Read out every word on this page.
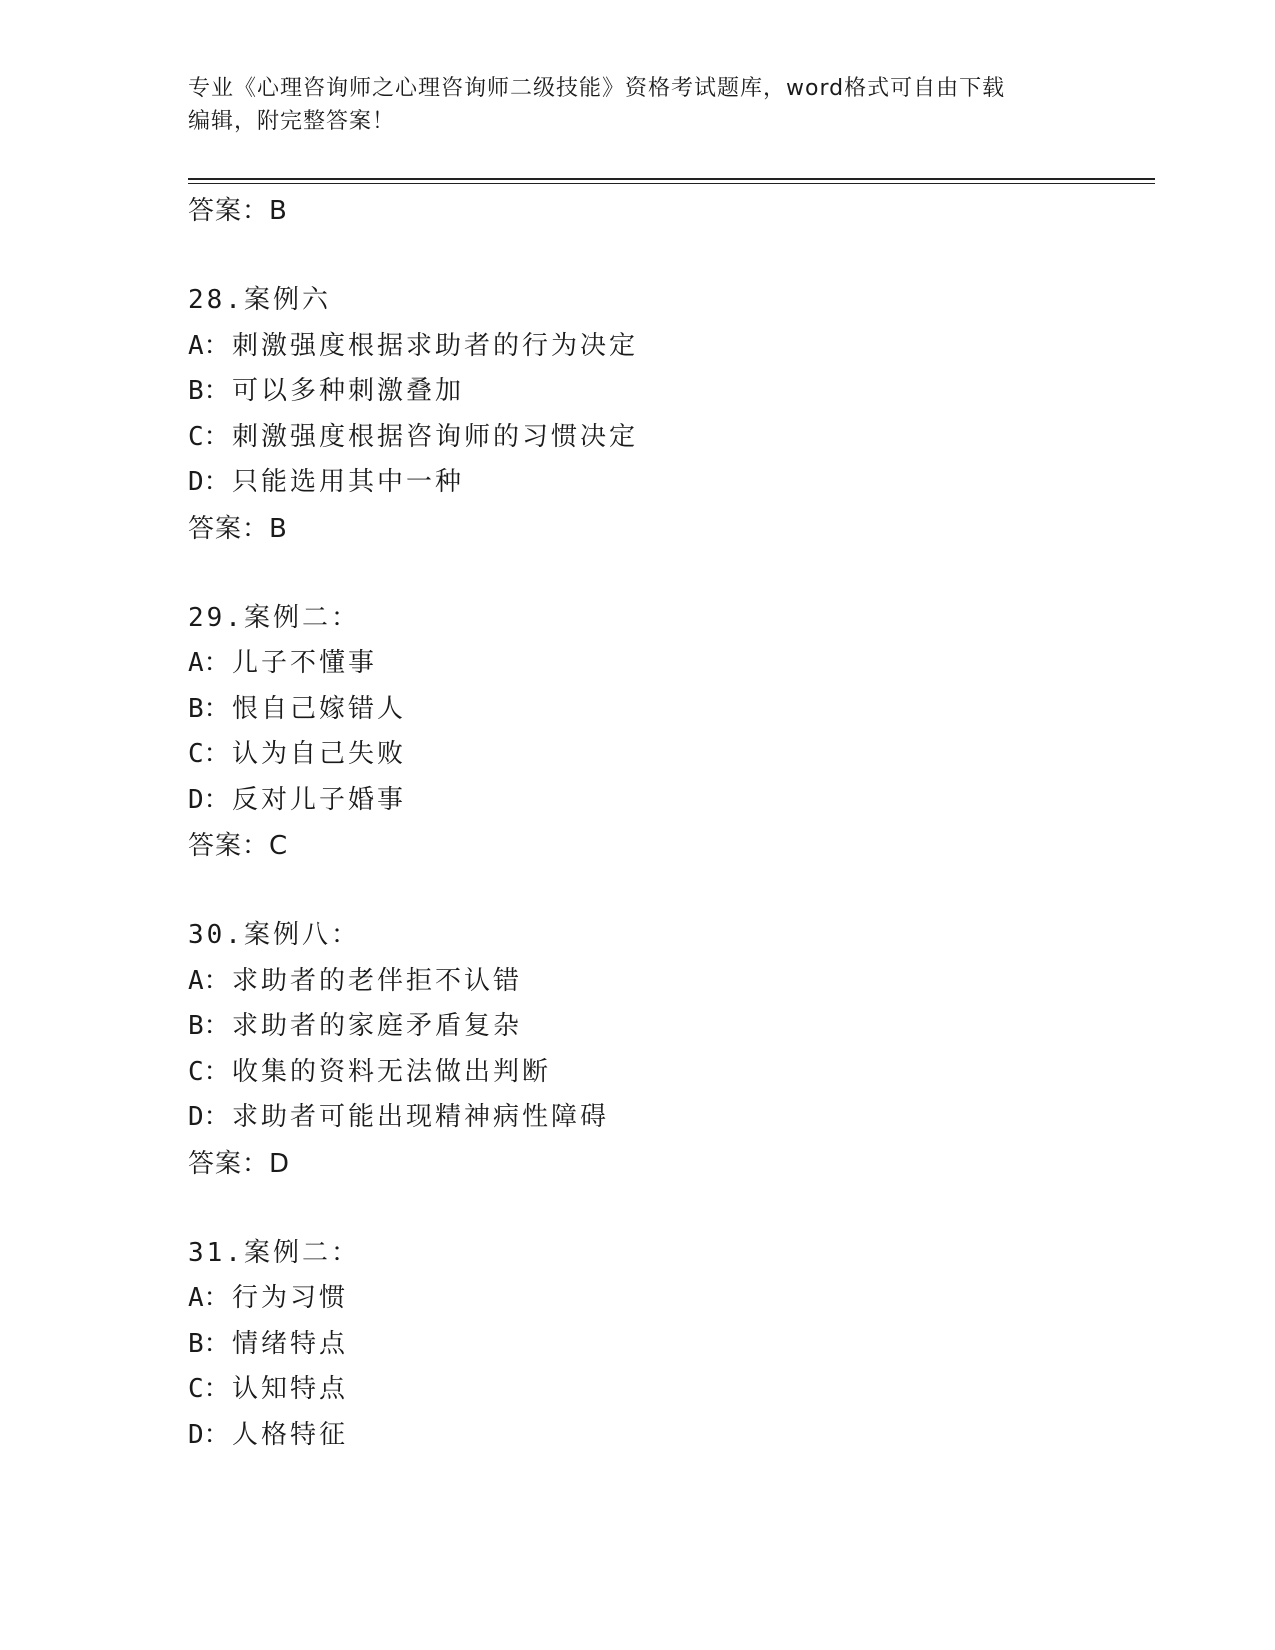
专业《心理咨询师之心理咨询师二级技能》资格考试题库，word格式可自由下载
编辑，附完整答案！
答案：B
28.案例六
A：刺激强度根据求助者的行为决定
B：可以多种刺激叠加
C：刺激强度根据咨询师的习惯决定
D：只能选用其中一种
答案：B
29.案例二：
A：儿子不懂事
B：恨自己嫁错人
C：认为自己失败
D：反对儿子婚事
答案：C
30.案例八：
A：求助者的老伴拒不认错
B：求助者的家庭矛盾复杂
C：收集的资料无法做出判断
D：求助者可能出现精神病性障碍
答案：D
31.案例二：
A：行为习惯
B：情绪特点
C：认知特点
D：人格特征
